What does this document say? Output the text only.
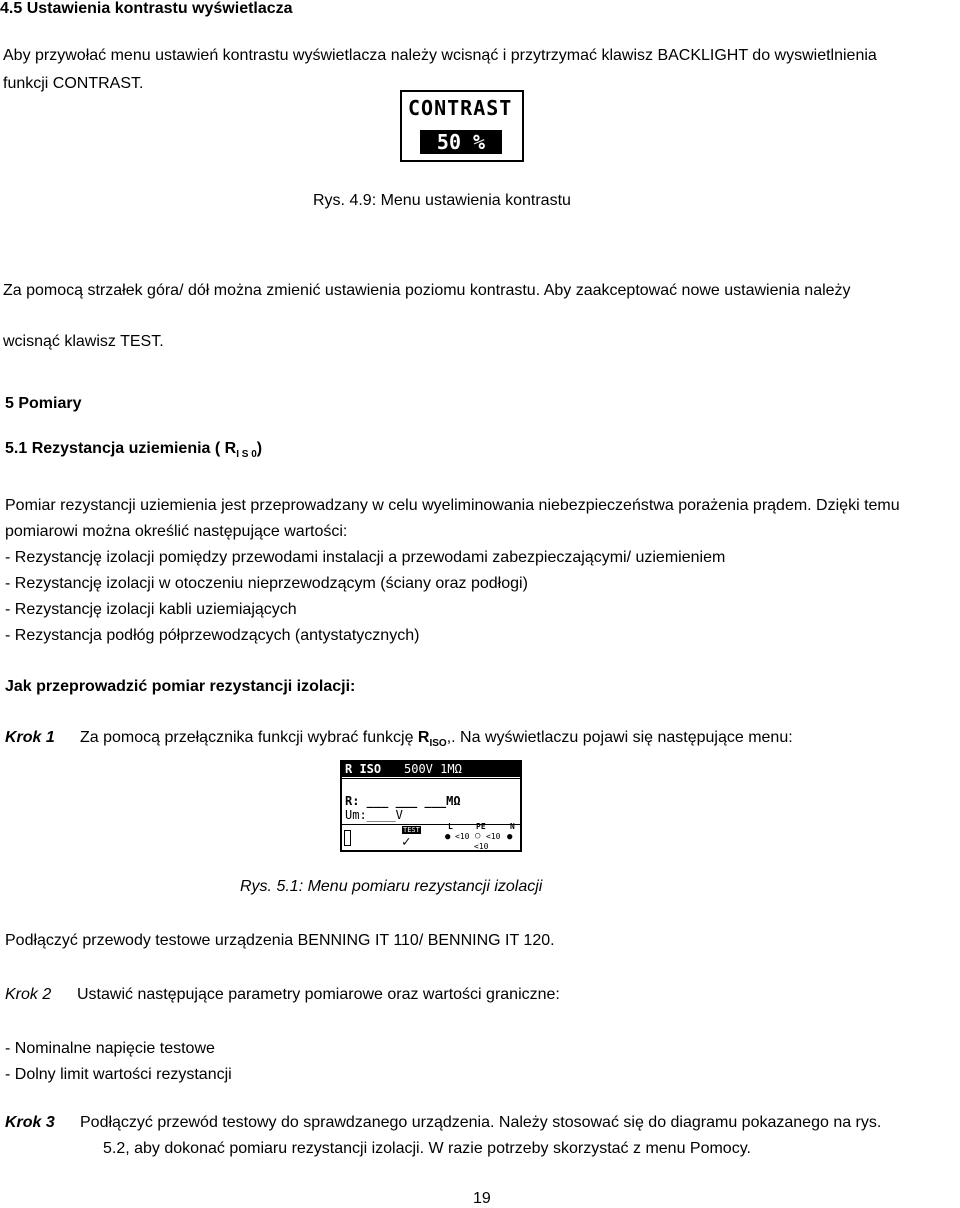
4.5 Ustawienia kontrastu wyświetlacza
Aby przywołać menu ustawień kontrastu wyświetlacza należy wcisnąć i przytrzymać klawisz BACKLIGHT do wyswietlnienia
funkcji CONTRAST.
CONTRAST
50 %
Rys. 4.9: Menu ustawienia kontrastu
Za pomocą strzałek góra/ dół można zmienić ustawienia poziomu kontrastu. Aby zaakceptować nowe ustawienia należy
wcisnąć klawisz TEST.
5 Pomiary
5.1 Rezystancja uziemienia ( $R_{I S 0}$)
Pomiar rezystancji uziemienia jest przeprowadzany w celu wyeliminowania niebezpieczeństwa porażenia prądem. Dzięki temu
pomiarowi można określić następujące wartości:
- Rezystancję izolacji pomiędzy przewodami instalacji a przewodami zabezpieczającymi/ uziemieniem
- Rezystancję izolacji w otoczeniu nieprzewodzącym (ściany oraz podłogi)
- Rezystancję izolacji kabli uziemiających
- Rezystancja podłóg półprzewodzących (antystatycznych)
Jak przeprowadzić pomiar rezystancji izolacji:
Krok 1 Za pomocą przełącznika funkcji wybrać funkcję $R_{ISO}$,. Na wyświetlaczu pojawi się następujące menu:
R ISO 500V 1MΩ
R: ___ ___ ___MΩ
Um:____V
TEST
✓
L	PE	N
● <10 ○ <10 ●
<10
Rys. 5.1: Menu pomiaru rezystancji izolacji
Podłączyć przewody testowe urządzenia BENNING IT 110/ BENNING IT 120.
Krok 2 Ustawić następujące parametry pomiarowe oraz wartości graniczne:
- Nominalne napięcie testowe
- Dolny limit wartości rezystancji
Krok 3 Podłączyć przewód testowy do sprawdzanego urządzenia. Należy stosować się do diagramu pokazanego na rys.
5.2, aby dokonać pomiaru rezystancji izolacji. W razie potrzeby skorzystać z menu Pomocy.
19
